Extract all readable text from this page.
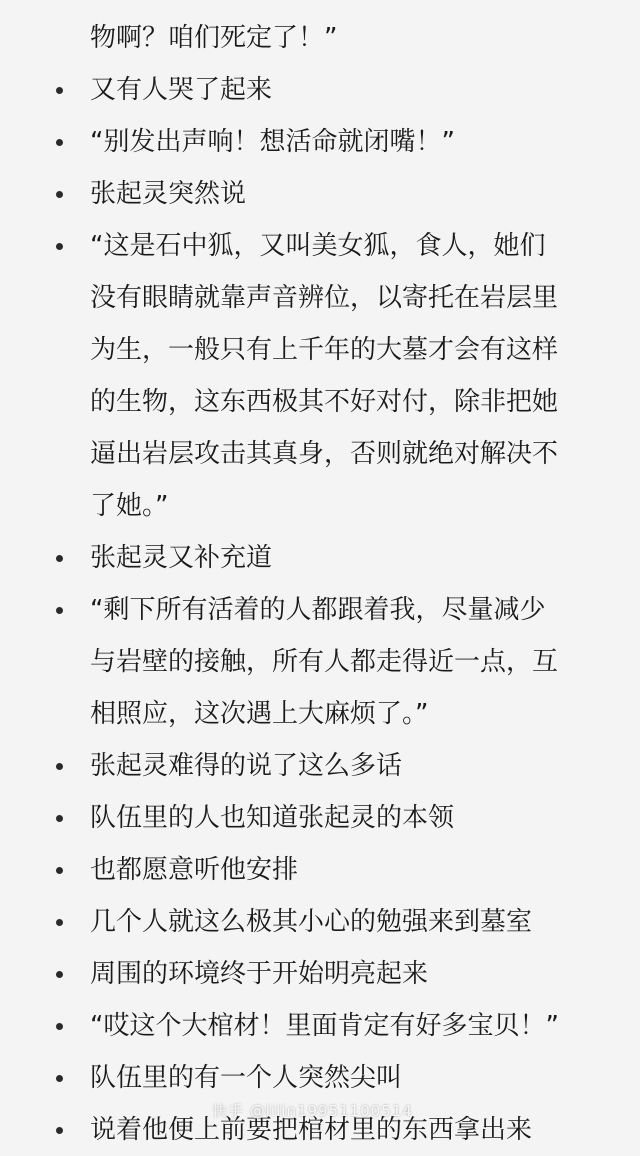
物啊？咱们死定了！”
又有人哭了起来
“别发出声响！想活命就闭嘴！”
张起灵突然说
“这是石中狐，又叫美女狐，食人，她们
没有眼睛就靠声音辨位，以寄托在岩层里
为生，一般只有上千年的大墓才会有这样
的生物，这东西极其不好对付，除非把她
逼出岩层攻击其真身，否则就绝对解决不
了她。”
张起灵又补充道
“剩下所有活着的人都跟着我，尽量减少
与岩壁的接触，所有人都走得近一点，互
相照应，这次遇上大麻烦了。”
张起灵难得的说了这么多话
队伍里的人也知道张起灵的本领
也都愿意听他安排
几个人就这么极其小心的勉强来到墓室
周围的环境终于开始明亮起来
“哎这个大棺材！里面肯定有好多宝贝！”
队伍里的有一个人突然尖叫
说着他便上前要把棺材里的东西拿出来
快手 @lilin19951100514
